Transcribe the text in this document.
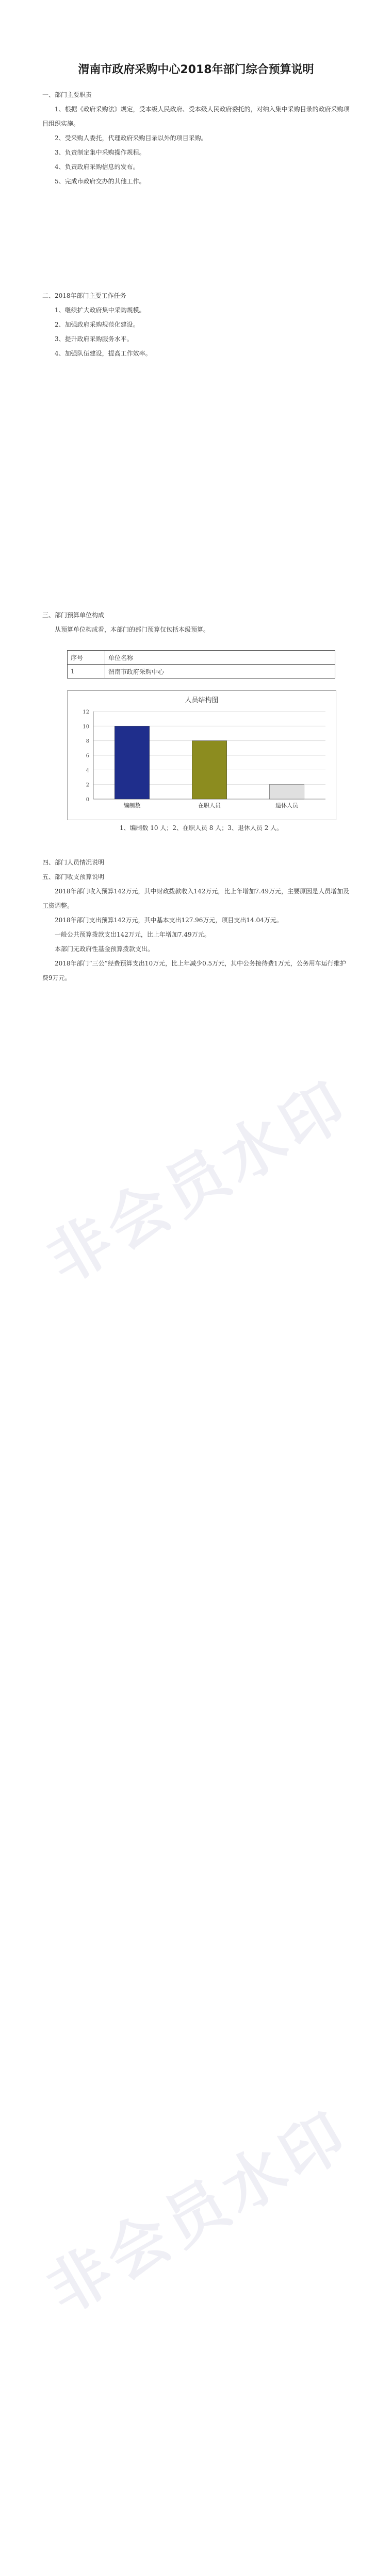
渭南市政府采购中心2018年部门综合预算说明

一、部门主要职责

1、根据《政府采购法》规定，受本级人民政府、受本级人民政府委托的，对纳入集中采购目录的政府采购项目组织实施。

2、受采购人委托，代理政府采购目录以外的项目采购。

3、负责制定集中采购操作规程。

4、负责政府采购信息的发布。

5、完成市政府交办的其他工作。

二、2018年部门主要工作任务

1、继续扩大政府集中采购规模。

2、加强政府采购规范化建设。

3、提升政府采购服务水平。

4、加强队伍建设，提高工作效率。

三、部门预算单位构成

从预算单位构成看，本部门的部门预算仅包括本级预算。

序号	单位名称
1	渭南市政府采购中心
人员结构图
0
2
4
6
8
10
12
编制数	在职人员	退休人员
1、编制数 10 人；2、在职人员 8 人；3、退休人员 2 人。

四、部门人员情况说明

五、部门收支预算说明

2018年部门收入预算142万元，其中财政拨款收入142万元，比上年增加7.49万元，主要原因是人员增加及工资调整。

2018年部门支出预算142万元，其中基本支出127.96万元，项目支出14.04万元。

一般公共预算拨款支出142万元，比上年增加7.49万元。

本部门无政府性基金预算拨款支出。

2018年部门“三公”经费预算支出10万元，比上年减少0.5万元，其中公务接待费1万元，公务用车运行维护费9万元。

非会员水印
非会员水印
